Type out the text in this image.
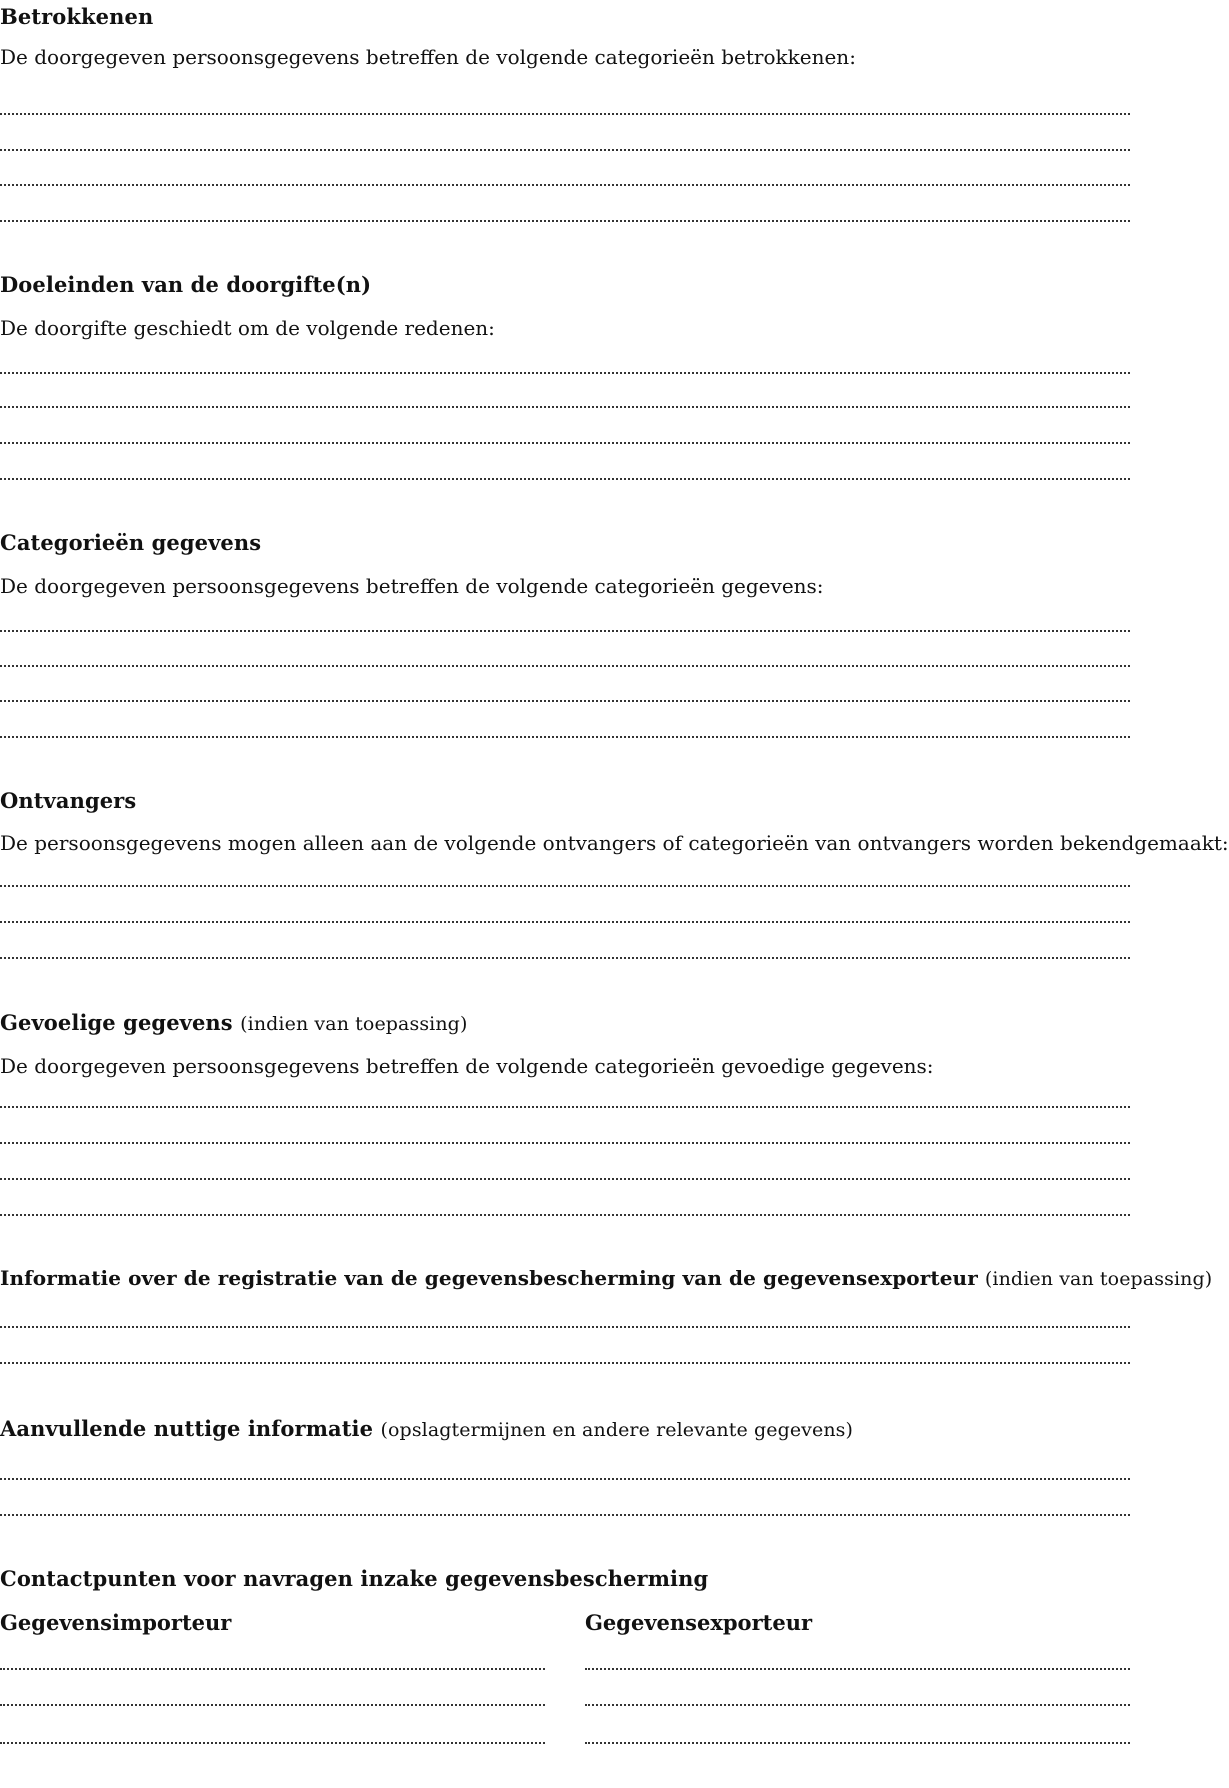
Betrokkenen
De doorgegeven persoonsgegevens betreffen de volgende categorieën betrokkenen:
Doeleinden van de doorgifte(n)
De doorgifte geschiedt om de volgende redenen:
Categorieën gegevens
De doorgegeven persoonsgegevens betreffen de volgende categorieën gegevens:
Ontvangers
De persoonsgegevens mogen alleen aan de volgende ontvangers of categorieën van ontvangers worden bekendgemaakt:
Gevoelige gegevens (indien van toepassing)
De doorgegeven persoonsgegevens betreffen de volgende categorieën gevoedige gegevens:
Informatie over de registratie van de gegevensbescherming van de gegevensexporteur (indien van toepassing)
Aanvullende nuttige informatie (opslagtermijnen en andere relevante gegevens)
Contactpunten voor navragen inzake gegevensbescherming
Gegevensimporteur	Gegevensexporteur
